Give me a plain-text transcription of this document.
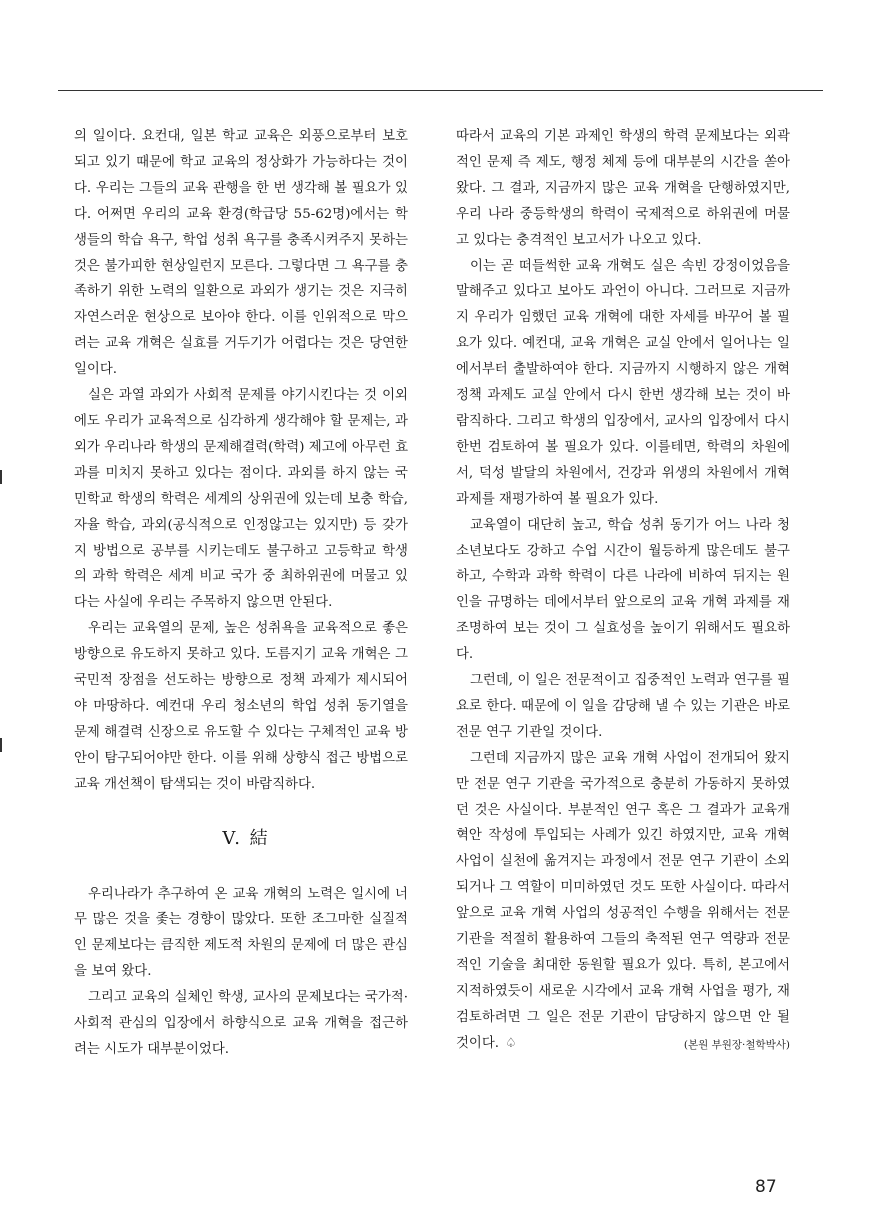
의 일이다. 요컨대, 일본 학교 교육은 외풍으로부터 보호되고 있기 때문에 학교 교육의 정상화가 가능하다는 것이다. 우리는 그들의 교육 관행을 한 번 생각해 볼 필요가 있다. 어쩌면 우리의 교육 환경(학급당 55-62명)에서는 학생들의 학습 욕구, 학업 성취 욕구를 충족시켜주지 못하는 것은 불가피한 현상일런지 모른다. 그렇다면 그 욕구를 충족하기 위한 노력의 일환으로 과외가 생기는 것은 지극히 자연스러운 현상으로 보아야 한다. 이를 인위적으로 막으려는 교육 개혁은 실효를 거두기가 어렵다는 것은 당연한 일이다.

실은 과열 과외가 사회적 문제를 야기시킨다는 것 이외에도 우리가 교육적으로 심각하게 생각해야 할 문제는, 과외가 우리나라 학생의 문제해결력(학력) 제고에 아무런 효과를 미치지 못하고 있다는 점이다. 과외를 하지 않는 국민학교 학생의 학력은 세계의 상위권에 있는데 보충 학습, 자율 학습, 과외(공식적으로 인정않고는 있지만) 등 갖가지 방법으로 공부를 시키는데도 불구하고 고등학교 학생의 과학 학력은 세계 비교 국가 중 최하위권에 머물고 있다는 사실에 우리는 주목하지 않으면 안된다.

우리는 교육열의 문제, 높은 성취욕을 교육적으로 좋은 방향으로 유도하지 못하고 있다. 도름지기 교육 개혁은 그 국민적 장점을 선도하는 방향으로 정책 과제가 제시되어야 마땅하다. 예컨대 우리 청소년의 학업 성취 동기열을 문제 해결력 신장으로 유도할 수 있다는 구체적인 교육 방안이 탐구되어야만 한다. 이를 위해 상향식 접근 방법으로 교육 개선책이 탐색되는 것이 바람직하다.

V. 結

우리나라가 추구하여 온 교육 개혁의 노력은 일시에 너무 많은 것을 좇는 경향이 많았다. 또한 조그마한 실질적인 문제보다는 큼직한 제도적 차원의 문제에 더 많은 관심을 보여 왔다.

그리고 교육의 실체인 학생, 교사의 문제보다는 국가적·사회적 관심의 입장에서 하향식으로 교육 개혁을 접근하려는 시도가 대부분이었다.

따라서 교육의 기본 과제인 학생의 학력 문제보다는 외곽적인 문제 즉 제도, 행정 체제 등에 대부분의 시간을 쏟아 왔다. 그 결과, 지금까지 많은 교육 개혁을 단행하였지만, 우리 나라 중등학생의 학력이 국제적으로 하위권에 머물고 있다는 충격적인 보고서가 나오고 있다.

이는 곧 떠들썩한 교육 개혁도 실은 속빈 강정이었음을 말해주고 있다고 보아도 과언이 아니다. 그러므로 지금까지 우리가 임했던 교육 개혁에 대한 자세를 바꾸어 볼 필요가 있다. 예컨대, 교육 개혁은 교실 안에서 일어나는 일에서부터 출발하여야 한다. 지금까지 시행하지 않은 개혁 정책 과제도 교실 안에서 다시 한번 생각해 보는 것이 바람직하다. 그리고 학생의 입장에서, 교사의 입장에서 다시 한번 검토하여 볼 필요가 있다. 이를테면, 학력의 차원에서, 덕성 발달의 차원에서, 건강과 위생의 차원에서 개혁 과제를 재평가하여 볼 필요가 있다.

교육열이 대단히 높고, 학습 성취 동기가 어느 나라 청소년보다도 강하고 수업 시간이 월등하게 많은데도 불구하고, 수학과 과학 학력이 다른 나라에 비하여 뒤지는 원인을 규명하는 데에서부터 앞으로의 교육 개혁 과제를 재조명하여 보는 것이 그 실효성을 높이기 위해서도 필요하다.

그런데, 이 일은 전문적이고 집중적인 노력과 연구를 필요로 한다. 때문에 이 일을 감당해 낼 수 있는 기관은 바로 전문 연구 기관일 것이다.

그런데 지금까지 많은 교육 개혁 사업이 전개되어 왔지만 전문 연구 기관을 국가적으로 충분히 가동하지 못하였던 것은 사실이다. 부분적인 연구 혹은 그 결과가 교육개혁안 작성에 투입되는 사례가 있긴 하였지만, 교육 개혁 사업이 실천에 옮겨지는 과정에서 전문 연구 기관이 소외되거나 그 역할이 미미하였던 것도 또한 사실이다. 따라서 앞으로 교육 개혁 사업의 성공적인 수행을 위해서는 전문 기관을 적절히 활용하여 그들의 축적된 연구 역량과 전문적인 기술을 최대한 동원할 필요가 있다. 특히, 본고에서 지적하였듯이 새로운 시각에서 교육 개혁 사업을 평가, 재검토하려면 그 일은 전문 기관이 담당하지 않으면 안 될 것이다. ♤	(본원 부원장·철학박사)

87
